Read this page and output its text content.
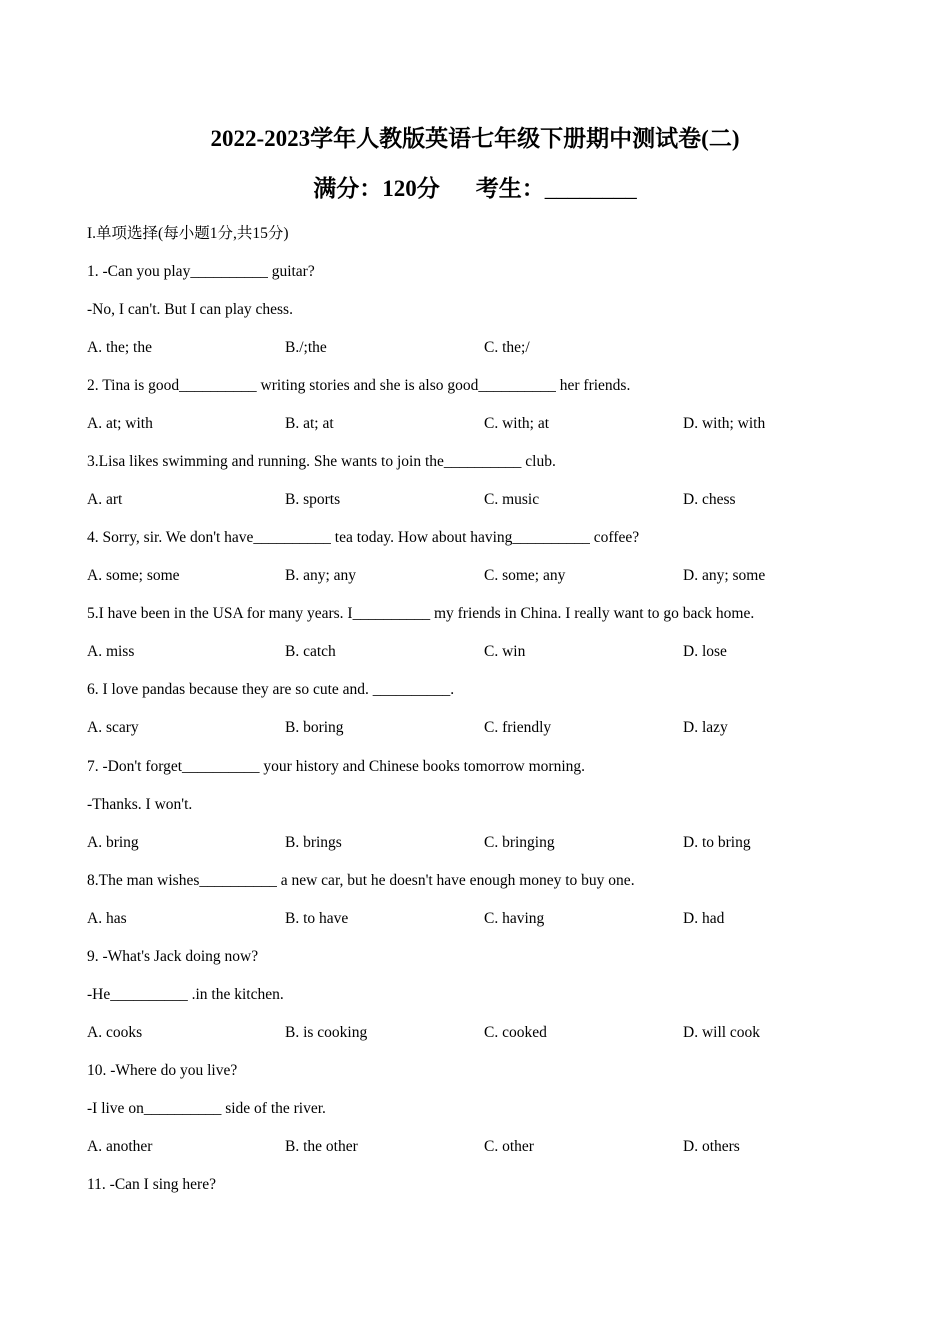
2022-2023学年人教版英语七年级下册期中测试卷(二)
满分：120分 考生：________
I.单项选择(每小题1分,共15分)
1. -Can you play__________ guitar?
-No, I can't. But I can play chess.
A. the; the	B./;the	C. the;/
2. Tina is good__________ writing stories and she is also good__________ her friends.
A. at; with	B. at; at	C. with; at	D. with; with
3.Lisa likes swimming and running. She wants to join the__________ club.
A. art	B. sports	C. music	D. chess
4. Sorry, sir. We don't have__________ tea today. How about having__________ coffee?
A. some; some	B. any; any	C. some; any	D. any; some
5.I have been in the USA for many years. I__________ my friends in China. I really want to go back home.
A. miss	B. catch	C. win	D. lose
6. I love pandas because they are so cute and. __________.
A. scary	B. boring	C. friendly	D. lazy
7. -Don't forget__________ your history and Chinese books tomorrow morning.
-Thanks. I won't.
A. bring	B. brings	C. bringing	D. to bring
8.The man wishes__________ a new car, but he doesn't have enough money to buy one.
A. has	B. to have	C. having	D. had
9. -What's Jack doing now?
-He__________ .in the kitchen.
A. cooks	B. is cooking	C. cooked	D. will cook
10. -Where do you live?
-I live on__________ side of the river.
A. another	B. the other	C. other	D. others
11. -Can I sing here?
